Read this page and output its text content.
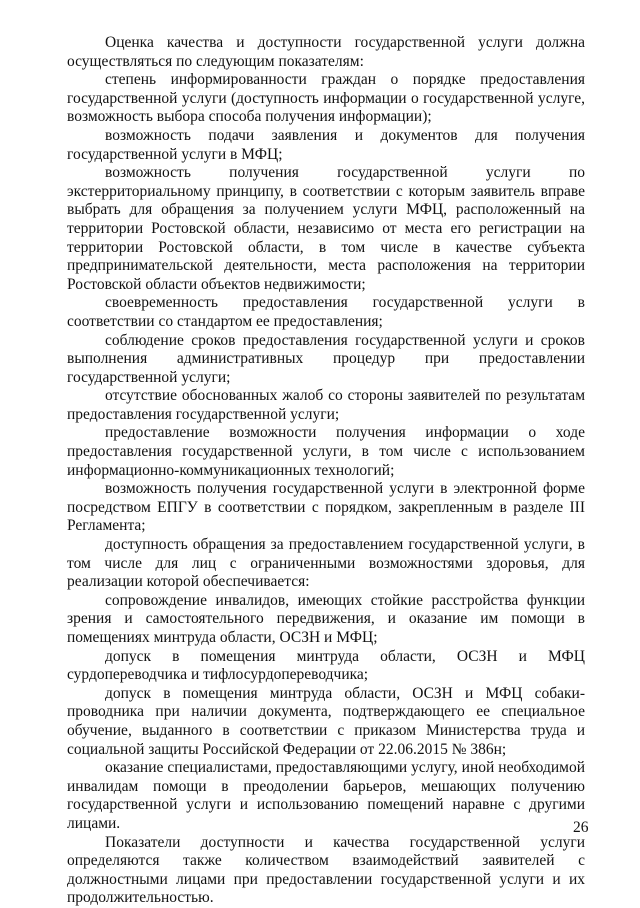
Оценка качества и доступности государственной услуги должна осуществляться по следующим показателям:

степень информированности граждан о порядке предоставления государственной услуги (доступность информации о государственной услуге, возможность выбора способа получения информации);

возможность подачи заявления и документов для получения государственной услуги в МФЦ;

возможность получения государственной услуги по экстерриториальному принципу, в соответствии с которым заявитель вправе выбрать для обращения за получением услуги МФЦ, расположенный на территории Ростовской области, независимо от места его регистрации на территории Ростовской области, в том числе в качестве субъекта предпринимательской деятельности, места расположения на территории Ростовской области объектов недвижимости;

своевременность предоставления государственной услуги в соответствии со стандартом ее предоставления;

соблюдение сроков предоставления государственной услуги и сроков выполнения административных процедур при предоставлении государственной услуги;

отсутствие обоснованных жалоб со стороны заявителей по результатам предоставления государственной услуги;

предоставление возможности получения информации о ходе предоставления государственной услуги, в том числе с использованием информационно-коммуникационных технологий;

возможность получения государственной услуги в электронной форме посредством ЕПГУ в соответствии с порядком, закрепленным в разделе III Регламента;

доступность обращения за предоставлением государственной услуги, в том числе для лиц с ограниченными возможностями здоровья, для реализации которой обеспечивается:

сопровождение инвалидов, имеющих стойкие расстройства функции зрения и самостоятельного передвижения, и оказание им помощи в помещениях минтруда области, ОСЗН и МФЦ;

допуск в помещения минтруда области, ОСЗН и МФЦ сурдопереводчика и тифлосурдопереводчика;

допуск в помещения минтруда области, ОСЗН и МФЦ собаки-проводника при наличии документа, подтверждающего ее специальное обучение, выданного в соответствии с приказом Министерства труда и социальной защиты Российской Федерации от 22.06.2015 № 386н;

оказание специалистами, предоставляющими услугу, иной необходимой инвалидам помощи в преодолении барьеров, мешающих получению государственной услуги и использованию помещений наравне с другими лицами.

Показатели доступности и качества государственной услуги определяются также количеством взаимодействий заявителей с должностными лицами при предоставлении государственной услуги и их продолжительностью.

26
